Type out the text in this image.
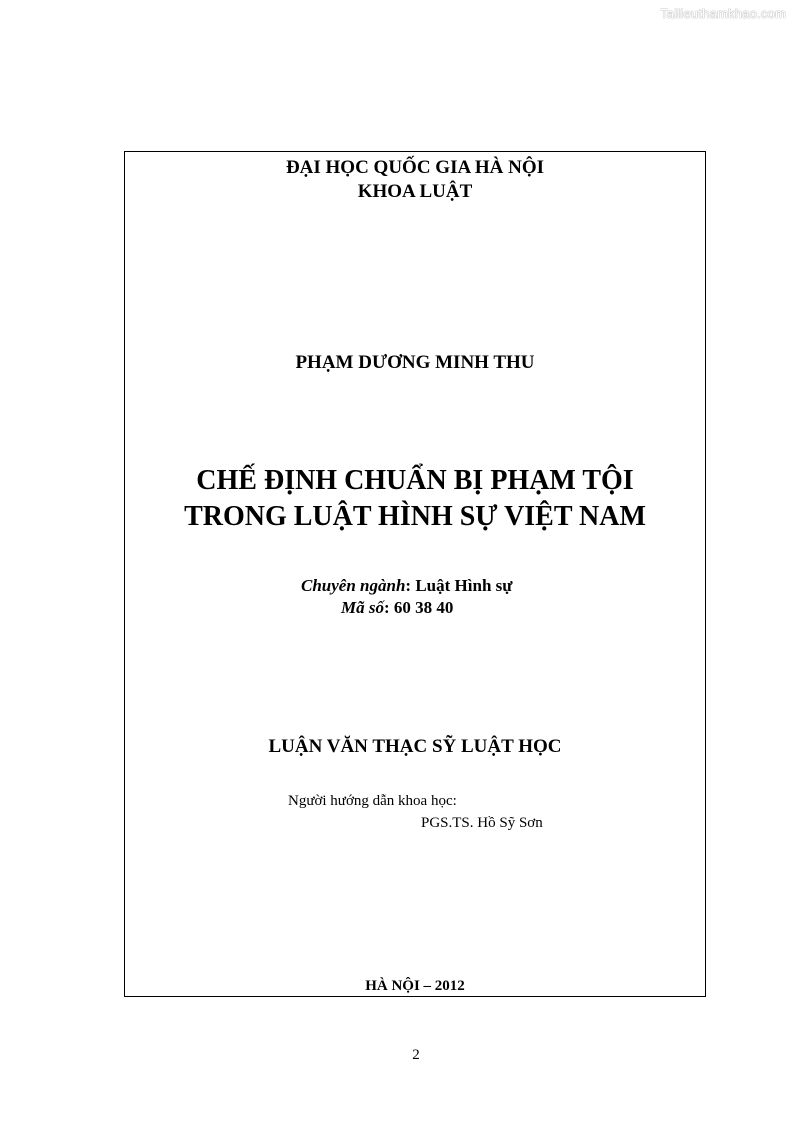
Tailieuthamkhao.com
ĐẠI HỌC QUỐC GIA HÀ NỘI
KHOA LUẬT
PHẠM DƯƠNG MINH THU
CHẾ ĐỊNH CHUẨN BỊ PHẠM TỘI
TRONG LUẬT HÌNH SỰ VIỆT NAM
Chuyên ngành: Luật Hình sự
Mã số: 60 38 40
LUẬN VĂN THẠC SỸ LUẬT HỌC
Người hướng dẫn khoa học:
PGS.TS. Hồ Sỹ Sơn
HÀ NỘI – 2012
2
